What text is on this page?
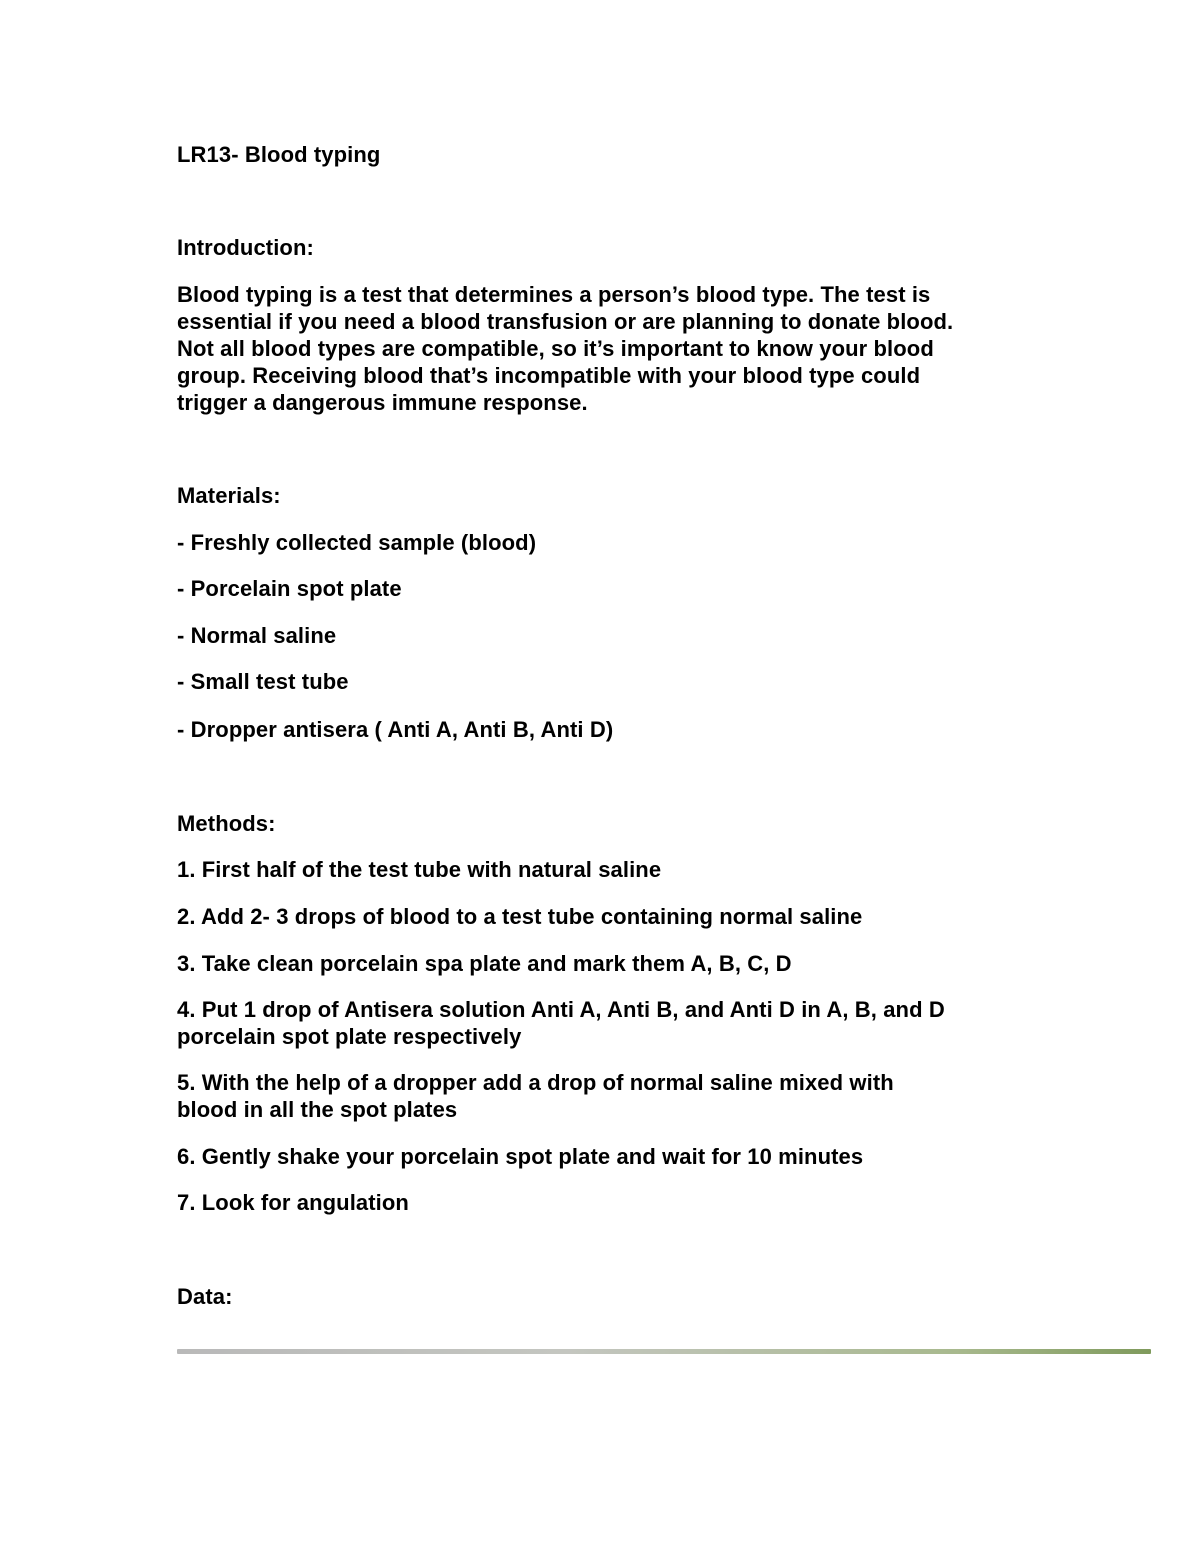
LR13- Blood typing
Introduction:
Blood typing is a test that determines a person’s blood type. The test is
essential if you need a blood transfusion or are planning to donate blood.
Not all blood types are compatible, so it’s important to know your blood
group. Receiving blood that’s incompatible with your blood type could
trigger a dangerous immune response.
Materials:
- Freshly collected sample (blood)
- Porcelain spot plate
- Normal saline
- Small test tube
- Dropper antisera ( Anti A, Anti B, Anti D)
Methods:
1. First half of the test tube with natural saline
2. Add 2- 3 drops of blood to a test tube containing normal saline
3. Take clean porcelain spa plate and mark them A, B, C, D
4. Put 1 drop of Antisera solution Anti A, Anti B, and Anti D in A, B, and D
porcelain spot plate respectively
5. With the help of a dropper add a drop of normal saline mixed with
blood in all the spot plates
6. Gently shake your porcelain spot plate and wait for 10 minutes
7. Look for angulation
Data:
